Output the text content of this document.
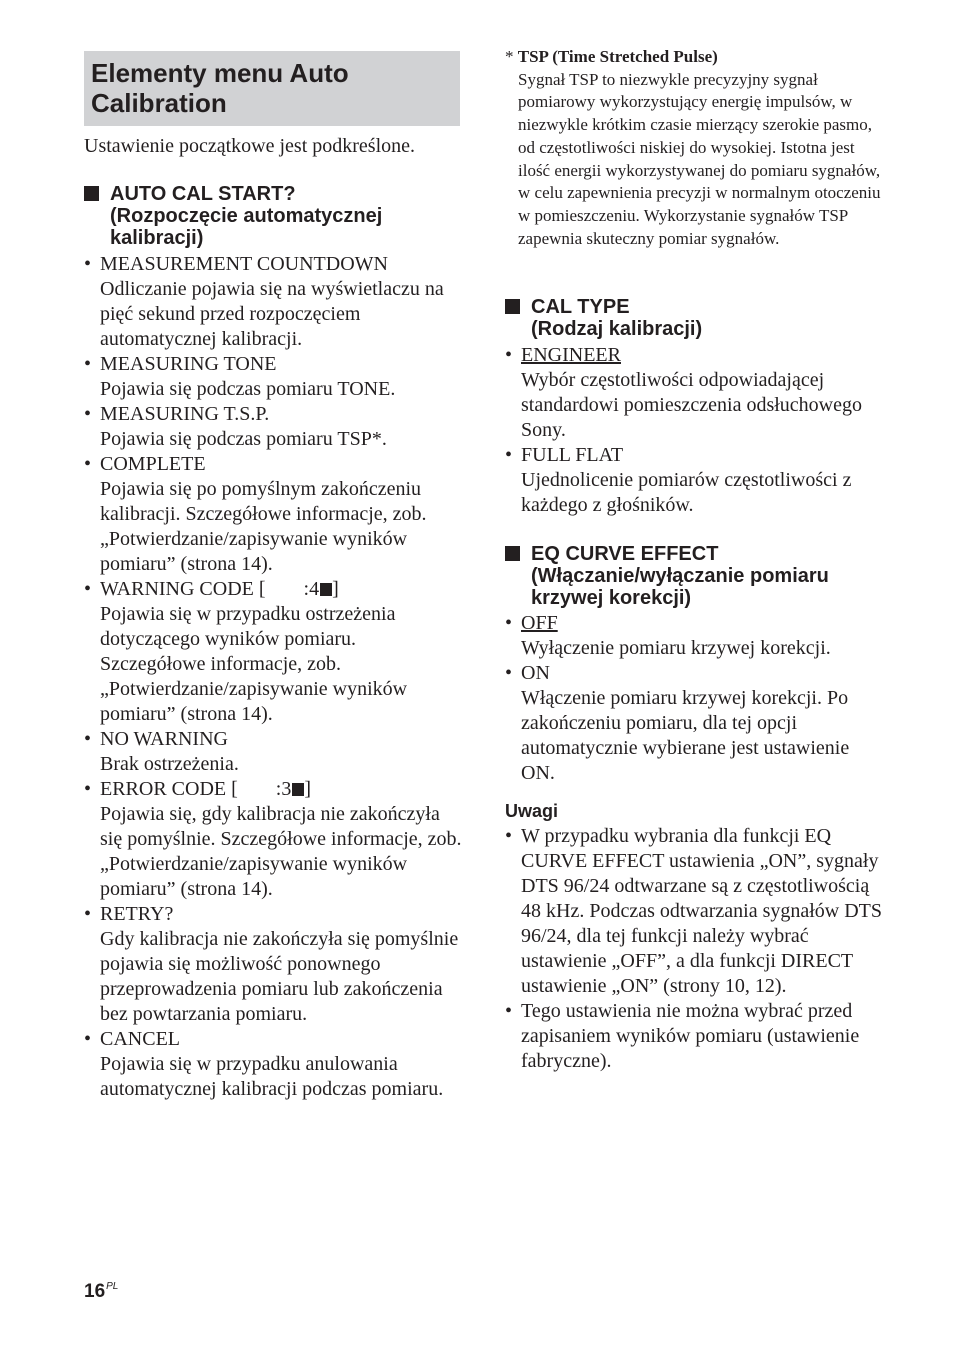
Elementy menu Auto Calibration
Ustawienie początkowe jest podkreślone.
AUTO CAL START?
(Rozpoczęcie automatycznej
kalibracji)
• MEASUREMENT COUNTDOWN
Odliczanie pojawia się na wyświetlaczu na pięć sekund przed rozpoczęciem automatycznej kalibracji.
• MEASURING TONE
Pojawia się podczas pomiaru TONE.
• MEASURING T.S.P.
Pojawia się podczas pomiaru TSP*.
• COMPLETE
Pojawia się po pomyślnym zakończeniu kalibracji. Szczegółowe informacje, zob. „Potwierdzanie/zapisywanie wyników pomiaru” (strona 14).
• WARNING CODE [ :4 ]
Pojawia się w przypadku ostrzeżenia dotyczącego wyników pomiaru. Szczegółowe informacje, zob. „Potwierdzanie/zapisywanie wyników pomiaru” (strona 14).
• NO WARNING
Brak ostrzeżenia.
• ERROR CODE [ :3 ]
Pojawia się, gdy kalibracja nie zakończyła się pomyślnie. Szczegółowe informacje, zob. „Potwierdzanie/zapisywanie wyników pomiaru” (strona 14).
• RETRY?
Gdy kalibracja nie zakończyła się pomyślnie pojawia się możliwość ponownego przeprowadzenia pomiaru lub zakończenia bez powtarzania pomiaru.
• CANCEL
Pojawia się w przypadku anulowania automatycznej kalibracji podczas pomiaru.
* TSP (Time Stretched Pulse)
Sygnał TSP to niezwykle precyzyjny sygnał pomiarowy wykorzystujący energię impulsów, w niezwykle krótkim czasie mierzący szerokie pasmo, od częstotliwości niskiej do wysokiej. Istotna jest ilość energii wykorzystywanej do pomiaru sygnałów, w celu zapewnienia precyzji w normalnym otoczeniu w pomieszczeniu. Wykorzystanie sygnałów TSP zapewnia skuteczny pomiar sygnałów.
CAL TYPE
(Rodzaj kalibracji)
• ENGINEER
Wybór częstotliwości odpowiadającej standardowi pomieszczenia odsłuchowego Sony.
• FULL FLAT
Ujednolicenie pomiarów częstotliwości z każdego z głośników.
EQ CURVE EFFECT
(Włączanie/wyłączanie pomiaru
krzywej korekcji)
• OFF
Wyłączenie pomiaru krzywej korekcji.
• ON
Włączenie pomiaru krzywej korekcji. Po zakończeniu pomiaru, dla tej opcji automatycznie wybierane jest ustawienie ON.
Uwagi
• W przypadku wybrania dla funkcji EQ CURVE EFFECT ustawienia „ON”, sygnały DTS 96/24 odtwarzane są z częstotliwością 48 kHz. Podczas odtwarzania sygnałów DTS 96/24, dla tej funkcji należy wybrać ustawienie „OFF”, a dla funkcji DIRECT ustawienie „ON” (strony 10, 12).
• Tego ustawienia nie można wybrać przed zapisaniem wyników pomiaru (ustawienie fabryczne).
$16^{PL}$
